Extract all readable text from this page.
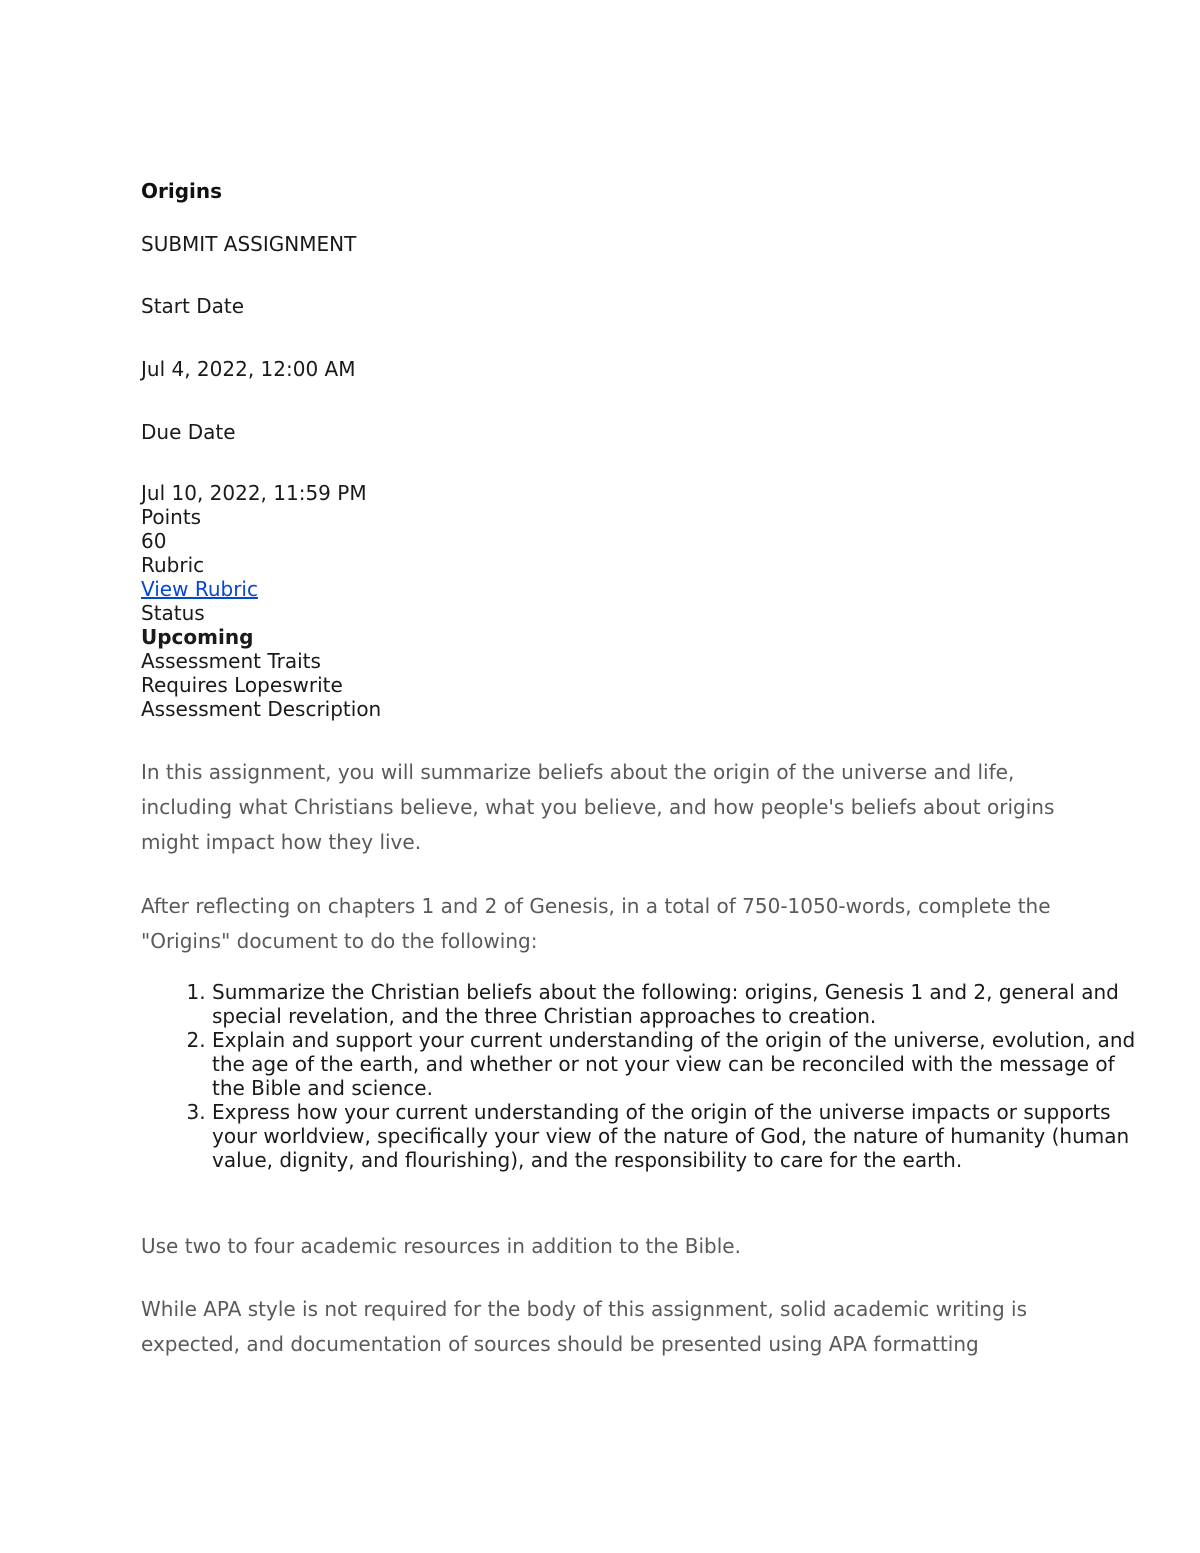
Origins
SUBMIT ASSIGNMENT
Start Date
Jul 4, 2022, 12:00 AM
Due Date
Jul 10, 2022, 11:59 PM
Points
60
Rubric
View Rubric
Status
Upcoming
Assessment Traits
Requires Lopeswrite
Assessment Description
In this assignment, you will summarize beliefs about the origin of the universe and life, including what Christians believe, what you believe, and how people's beliefs about origins might impact how they live.
After reflecting on chapters 1 and 2 of Genesis, in a total of 750-1050-words, complete the "Origins" document to do the following:
1. Summarize the Christian beliefs about the following: origins, Genesis 1 and 2, general and special revelation, and the three Christian approaches to creation.
2. Explain and support your current understanding of the origin of the universe, evolution, and the age of the earth, and whether or not your view can be reconciled with the message of the Bible and science.
3. Express how your current understanding of the origin of the universe impacts or supports your worldview, specifically your view of the nature of God, the nature of humanity (human value, dignity, and flourishing), and the responsibility to care for the earth.
Use two to four academic resources in addition to the Bible.
While APA style is not required for the body of this assignment, solid academic writing is expected, and documentation of sources should be presented using APA formatting
